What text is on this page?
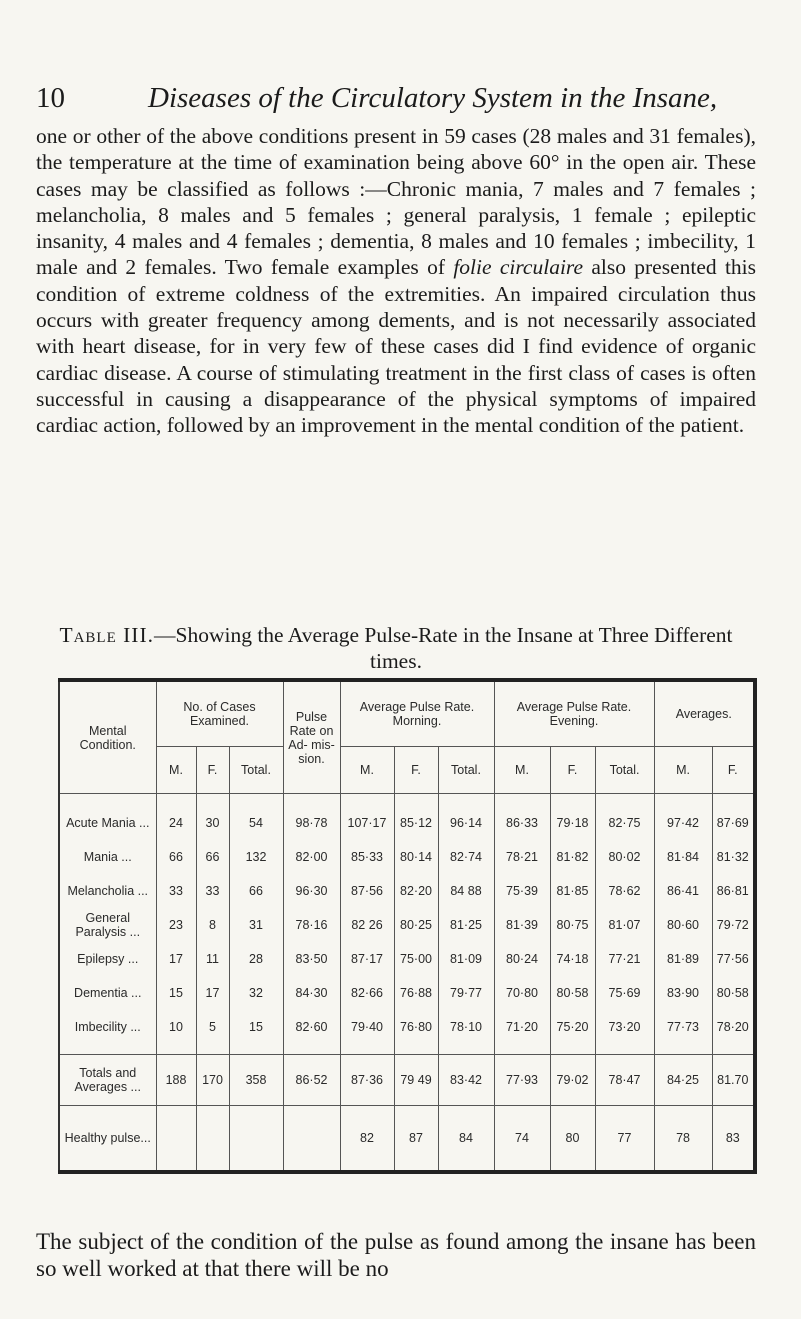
10	Diseases of the Circulatory System in the Insane,
one or other of the above conditions present in 59 cases (28 males and 31 females), the temperature at the time of examination being above 60° in the open air. These cases may be classified as follows :—Chronic mania, 7 males and 7 females ; melancholia, 8 males and 5 females ; general paralysis, 1 female ; epileptic insanity, 4 males and 4 females ; dementia, 8 males and 10 females ; imbecility, 1 male and 2 females. Two female examples of folie circulaire also presented this condition of extreme coldness of the extremities. An impaired circulation thus occurs with greater frequency among dements, and is not necessarily associated with heart disease, for in very few of these cases did I find evidence of organic cardiac disease. A course of stimulating treatment in the first class of cases is often successful in causing a disappearance of the physical symptoms of impaired cardiac action, followed by an improvement in the mental condition of the patient.
Table III.—Showing the Average Pulse-Rate in the Insane at Three Different times.
Mental Condition.	No. of Cases Examined.			Pulse Rate on Ad- mis- sion.	Average Pulse Rate. Morning.			Average Pulse Rate. Evening.			Averages.	
	M.	F.	Total.		M.	F.	Total.	M.	F.	Total.	M.	F.

Acute Mania ...	24	30	54	98·78	107·17	85·12	96·14	86·33	79·18	82·75	97·42	87·69
Mania ...	66	66	132	82·00	85·33	80·14	82·74	78·21	81·82	80·02	81·84	81·32
Melancholia ...	33	33	66	96·30	87·56	82·20	84 88	75·39	81·85	78·62	86·41	86·81
General Paralysis ...	23	8	31	78·16	82 26	80·25	81·25	81·39	80·75	81·07	80·60	79·72
Epilepsy ...	17	11	28	83·50	87·17	75·00	81·09	80·24	74·18	77·21	81·89	77·56
Dementia ...	15	17	32	84·30	82·66	76·88	79·77	70·80	80·58	75·69	83·90	80·58
Imbecility ...	10	5	15	82·60	79·40	76·80	78·10	71·20	75·20	73·20	77·73	78·20

Totals and Averages ...	188	170	358	86·52	87·36	79 49	83·42	77·93	79·02	78·47	84·25	81.70
Healthy pulse...					82	87	84	74	80	77	78	83
The subject of the condition of the pulse as found among the insane has been so well worked at that there will be no
